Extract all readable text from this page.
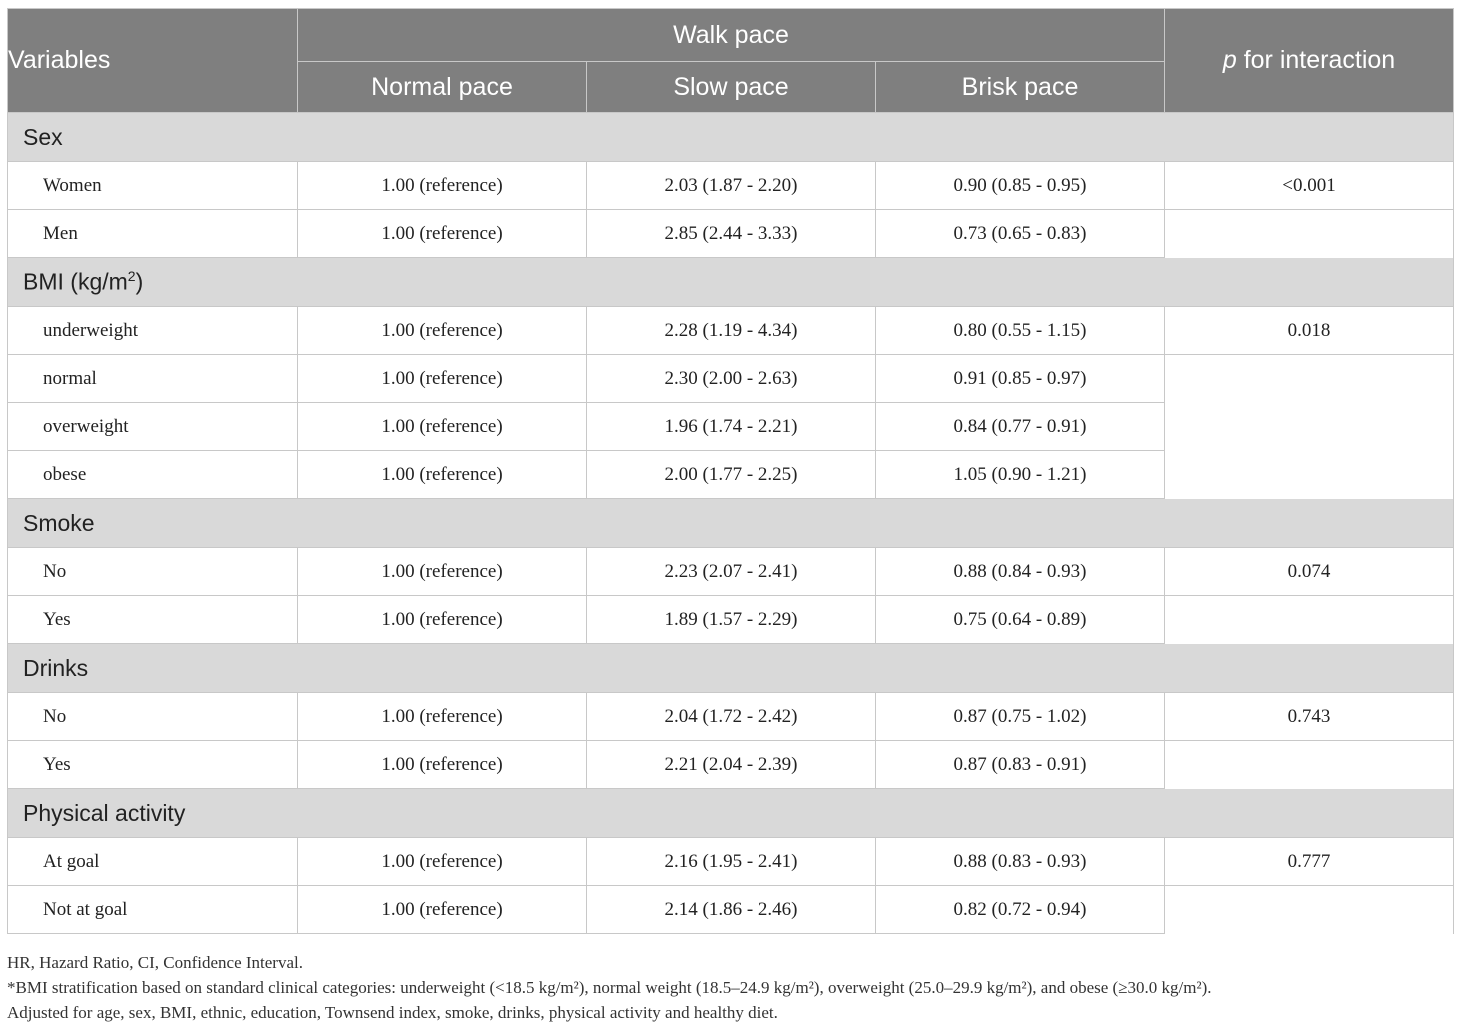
Variables	Walk pace			p for interaction
	Normal pace	Slow pace	Brisk pace	
Sex				
Women	1.00 (reference)	2.03 (1.87 - 2.20)	0.90 (0.85 - 0.95)	<0.001
Men	1.00 (reference)	2.85 (2.44 - 3.33)	0.73 (0.65 - 0.83)	
BMI $(kg/m^2)$				
underweight	1.00 (reference)	2.28 (1.19 - 4.34)	0.80 (0.55 - 1.15)	0.018
normal	1.00 (reference)	2.30 (2.00 - 2.63)	0.91 (0.85 - 0.97)	
overweight	1.00 (reference)	1.96 (1.74 - 2.21)	0.84 (0.77 - 0.91)	
obese	1.00 (reference)	2.00 (1.77 - 2.25)	1.05 (0.90 - 1.21)	
Smoke				
No	1.00 (reference)	2.23 (2.07 - 2.41)	0.88 (0.84 - 0.93)	0.074
Yes	1.00 (reference)	1.89 (1.57 - 2.29)	0.75 (0.64 - 0.89)	
Drinks				
No	1.00 (reference)	2.04 (1.72 - 2.42)	0.87 (0.75 - 1.02)	0.743
Yes	1.00 (reference)	2.21 (2.04 - 2.39)	0.87 (0.83 - 0.91)	
Physical activity				
At goal	1.00 (reference)	2.16 (1.95 - 2.41)	0.88 (0.83 - 0.93)	0.777
Not at goal	1.00 (reference)	2.14 (1.86 - 2.46)	0.82 (0.72 - 0.94)	
HR, Hazard Ratio, CI, Confidence Interval.
*BMI stratification based on standard clinical categories: underweight (<18.5 kg/m²), normal weight (18.5–24.9 kg/m²), overweight (25.0–29.9 kg/m²), and obese (≥30.0 kg/m²).
Adjusted for age, sex, BMI, ethnic, education, Townsend index, smoke, drinks, physical activity and healthy diet.
